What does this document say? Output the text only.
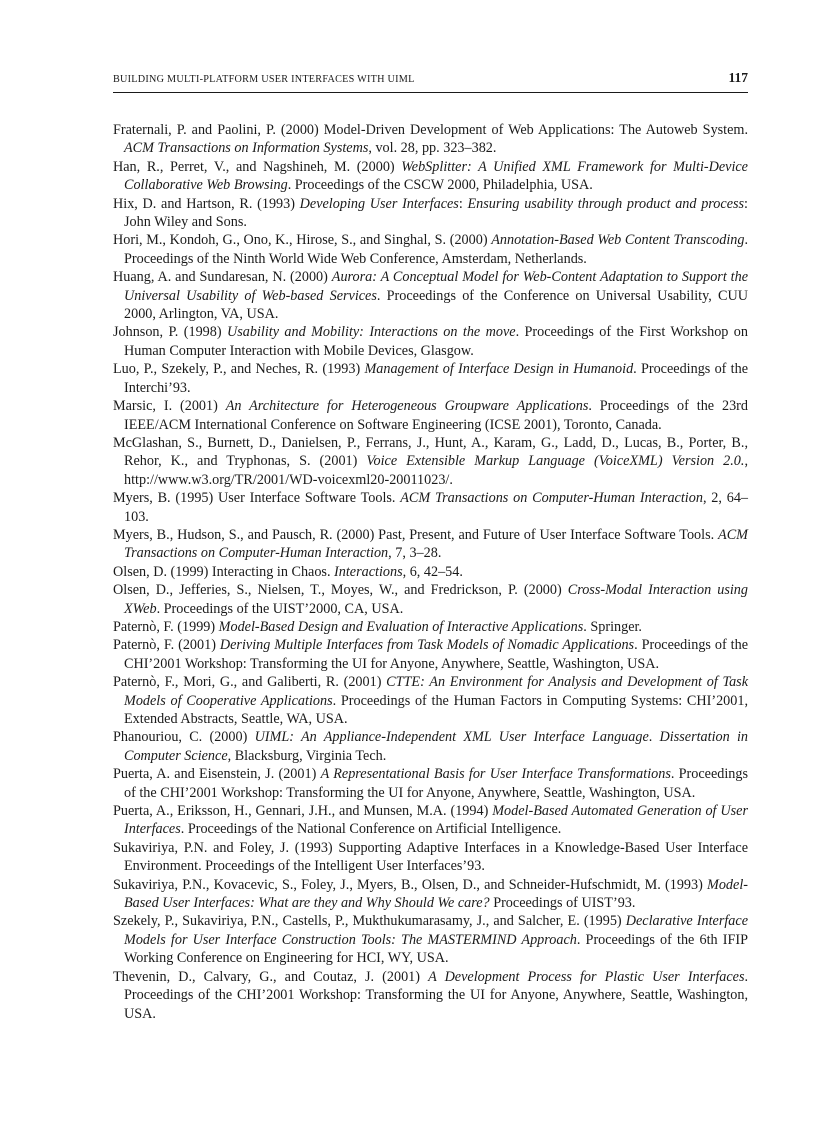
BUILDING MULTI-PLATFORM USER INTERFACES WITH UIML	117
Fraternali, P. and Paolini, P. (2000) Model-Driven Development of Web Applications: The Autoweb System. ACM Transactions on Information Systems, vol. 28, pp. 323–382.
Han, R., Perret, V., and Nagshineh, M. (2000) WebSplitter: A Unified XML Framework for Multi-Device Collaborative Web Browsing. Proceedings of the CSCW 2000, Philadelphia, USA.
Hix, D. and Hartson, R. (1993) Developing User Interfaces: Ensuring usability through product and process: John Wiley and Sons.
Hori, M., Kondoh, G., Ono, K., Hirose, S., and Singhal, S. (2000) Annotation-Based Web Content Transcoding. Proceedings of the Ninth World Wide Web Conference, Amsterdam, Netherlands.
Huang, A. and Sundaresan, N. (2000) Aurora: A Conceptual Model for Web-Content Adaptation to Support the Universal Usability of Web-based Services. Proceedings of the Conference on Universal Usability, CUU 2000, Arlington, VA, USA.
Johnson, P. (1998) Usability and Mobility: Interactions on the move. Proceedings of the First Workshop on Human Computer Interaction with Mobile Devices, Glasgow.
Luo, P., Szekely, P., and Neches, R. (1993) Management of Interface Design in Humanoid. Proceedings of the Interchi’93.
Marsic, I. (2001) An Architecture for Heterogeneous Groupware Applications. Proceedings of the 23rd IEEE/ACM International Conference on Software Engineering (ICSE 2001), Toronto, Canada.
McGlashan, S., Burnett, D., Danielsen, P., Ferrans, J., Hunt, A., Karam, G., Ladd, D., Lucas, B., Porter, B., Rehor, K., and Tryphonas, S. (2001) Voice Extensible Markup Language (VoiceXML) Version 2.0., http://www.w3.org/TR/2001/WD-voicexml20-20011023/.
Myers, B. (1995) User Interface Software Tools. ACM Transactions on Computer-Human Interaction, 2, 64–103.
Myers, B., Hudson, S., and Pausch, R. (2000) Past, Present, and Future of User Interface Software Tools. ACM Transactions on Computer-Human Interaction, 7, 3–28.
Olsen, D. (1999) Interacting in Chaos. Interactions, 6, 42–54.
Olsen, D., Jefferies, S., Nielsen, T., Moyes, W., and Fredrickson, P. (2000) Cross-Modal Interaction using XWeb. Proceedings of the UIST’2000, CA, USA.
Paternò, F. (1999) Model-Based Design and Evaluation of Interactive Applications. Springer.
Paternò, F. (2001) Deriving Multiple Interfaces from Task Models of Nomadic Applications. Proceedings of the CHI’2001 Workshop: Transforming the UI for Anyone, Anywhere, Seattle, Washington, USA.
Paternò, F., Mori, G., and Galiberti, R. (2001) CTTE: An Environment for Analysis and Development of Task Models of Cooperative Applications. Proceedings of the Human Factors in Computing Systems: CHI’2001, Extended Abstracts, Seattle, WA, USA.
Phanouriou, C. (2000) UIML: An Appliance-Independent XML User Interface Language. Dissertation in Computer Science, Blacksburg, Virginia Tech.
Puerta, A. and Eisenstein, J. (2001) A Representational Basis for User Interface Transformations. Proceedings of the CHI’2001 Workshop: Transforming the UI for Anyone, Anywhere, Seattle, Washington, USA.
Puerta, A., Eriksson, H., Gennari, J.H., and Munsen, M.A. (1994) Model-Based Automated Generation of User Interfaces. Proceedings of the National Conference on Artificial Intelligence.
Sukaviriya, P.N. and Foley, J. (1993) Supporting Adaptive Interfaces in a Knowledge-Based User Interface Environment. Proceedings of the Intelligent User Interfaces’93.
Sukaviriya, P.N., Kovacevic, S., Foley, J., Myers, B., Olsen, D., and Schneider-Hufschmidt, M. (1993) Model-Based User Interfaces: What are they and Why Should We care? Proceedings of UIST’93.
Szekely, P., Sukaviriya, P.N., Castells, P., Mukthukumarasamy, J., and Salcher, E. (1995) Declarative Interface Models for User Interface Construction Tools: The MASTERMIND Approach. Proceedings of the 6th IFIP Working Conference on Engineering for HCI, WY, USA.
Thevenin, D., Calvary, G., and Coutaz, J. (2001) A Development Process for Plastic User Interfaces. Proceedings of the CHI’2001 Workshop: Transforming the UI for Anyone, Anywhere, Seattle, Washington, USA.
